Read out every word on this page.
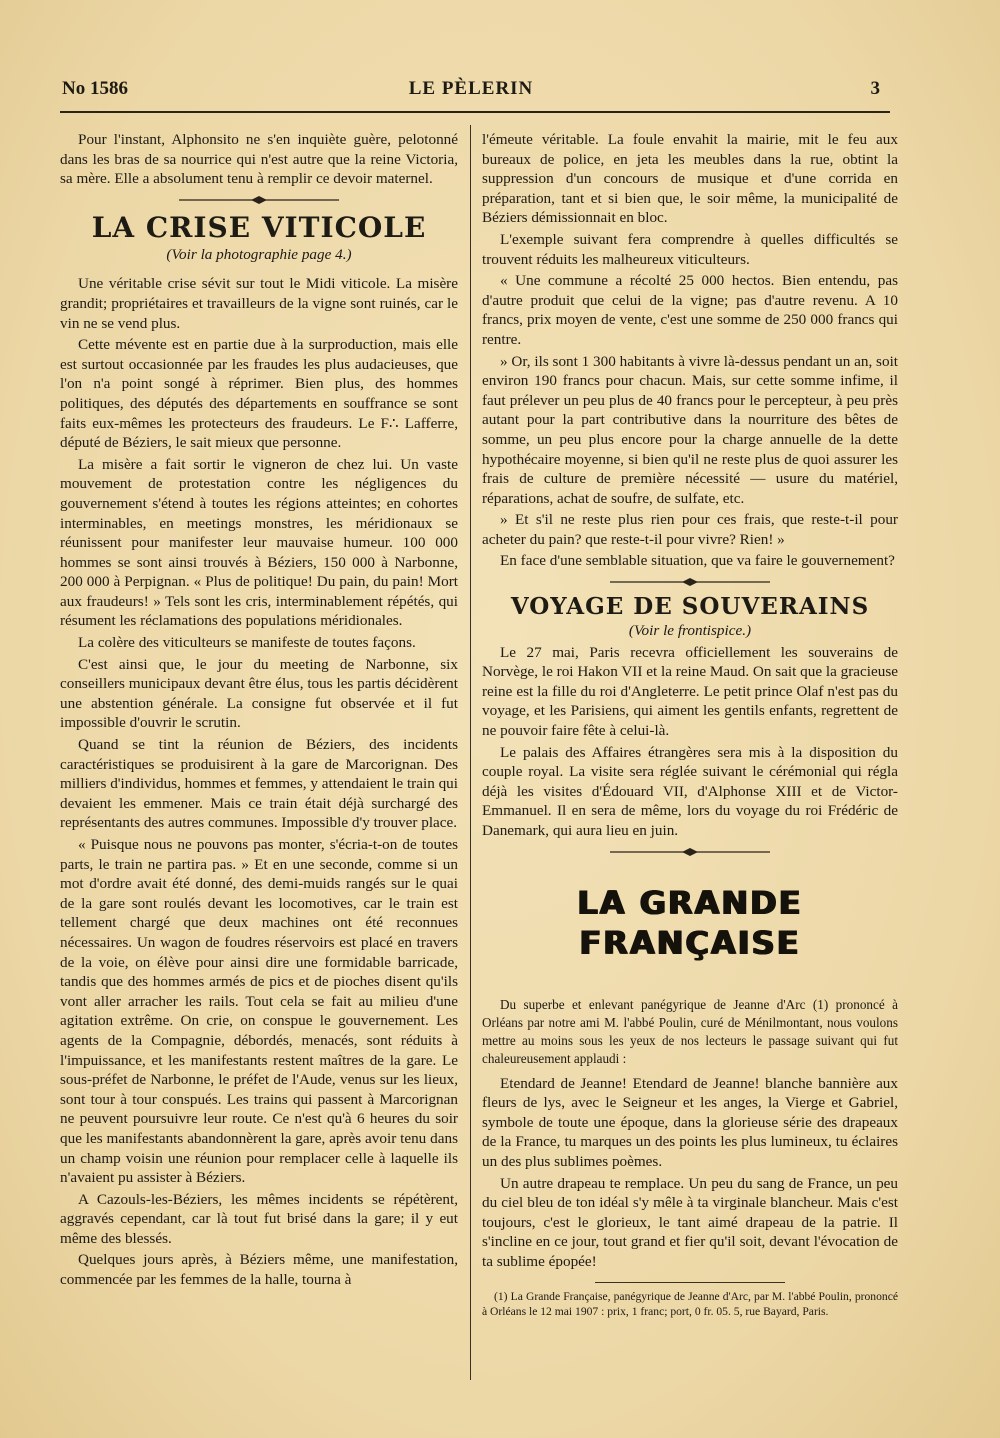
No 1586	LE PÈLERIN	3

Pour l'instant, Alphonsito ne s'en inquiète guère, pelotonné dans les bras de sa nourrice qui n'est autre que la reine Victoria, sa mère. Elle a absolument tenu à remplir ce devoir maternel.

LA CRISE VITICOLE

(Voir la photographie page 4.)

Une véritable crise sévit sur tout le Midi viticole. La misère grandit; propriétaires et travailleurs de la vigne sont ruinés, car le vin ne se vend plus.

Cette mévente est en partie due à la surproduction, mais elle est surtout occasionnée par les fraudes les plus audacieuses, que l'on n'a point songé à réprimer. Bien plus, des hommes politiques, des députés des départements en souffrance se sont faits eux-mêmes les protecteurs des fraudeurs. Le F∴ Lafferre, député de Béziers, le sait mieux que personne.

La misère a fait sortir le vigneron de chez lui. Un vaste mouvement de protestation contre les négligences du gouvernement s'étend à toutes les régions atteintes; en cohortes interminables, en meetings monstres, les méridionaux se réunissent pour manifester leur mauvaise humeur. 100 000 hommes se sont ainsi trouvés à Béziers, 150 000 à Narbonne, 200 000 à Perpignan. « Plus de politique! Du pain, du pain! Mort aux fraudeurs! » Tels sont les cris, interminablement répétés, qui résument les réclamations des populations méridionales.

La colère des viticulteurs se manifeste de toutes façons.

C'est ainsi que, le jour du meeting de Narbonne, six conseillers municipaux devant être élus, tous les partis décidèrent une abstention générale. La consigne fut observée et il fut impossible d'ouvrir le scrutin.

Quand se tint la réunion de Béziers, des incidents caractéristiques se produisirent à la gare de Marcorignan. Des milliers d'individus, hommes et femmes, y attendaient le train qui devaient les emmener. Mais ce train était déjà surchargé des représentants des autres communes. Impossible d'y trouver place.

« Puisque nous ne pouvons pas monter, s'écria-t-on de toutes parts, le train ne partira pas. » Et en une seconde, comme si un mot d'ordre avait été donné, des demi-muids rangés sur le quai de la gare sont roulés devant les locomotives, car le train est tellement chargé que deux machines ont été reconnues nécessaires. Un wagon de foudres réservoirs est placé en travers de la voie, on élève pour ainsi dire une formidable barricade, tandis que des hommes armés de pics et de pioches disent qu'ils vont aller arracher les rails. Tout cela se fait au milieu d'une agitation extrême. On crie, on conspue le gouvernement. Les agents de la Compagnie, débordés, menacés, sont réduits à l'impuissance, et les manifestants restent maîtres de la gare. Le sous-préfet de Narbonne, le préfet de l'Aude, venus sur les lieux, sont tour à tour conspués. Les trains qui passent à Marcorignan ne peuvent poursuivre leur route. Ce n'est qu'à 6 heures du soir que les manifestants abandonnèrent la gare, après avoir tenu dans un champ voisin une réunion pour remplacer celle à laquelle ils n'avaient pu assister à Béziers.

A Cazouls-les-Béziers, les mêmes incidents se répétèrent, aggravés cependant, car là tout fut brisé dans la gare; il y eut même des blessés.

Quelques jours après, à Béziers même, une manifestation, commencée par les femmes de la halle, tourna à

l'émeute véritable. La foule envahit la mairie, mit le feu aux bureaux de police, en jeta les meubles dans la rue, obtint la suppression d'un concours de musique et d'une corrida en préparation, tant et si bien que, le soir même, la municipalité de Béziers démissionnait en bloc.

L'exemple suivant fera comprendre à quelles difficultés se trouvent réduits les malheureux viticulteurs.

« Une commune a récolté 25 000 hectos. Bien entendu, pas d'autre produit que celui de la vigne; pas d'autre revenu. A 10 francs, prix moyen de vente, c'est une somme de 250 000 francs qui rentre.

» Or, ils sont 1 300 habitants à vivre là-dessus pendant un an, soit environ 190 francs pour chacun. Mais, sur cette somme infime, il faut prélever un peu plus de 40 francs pour le percepteur, à peu près autant pour la part contributive dans la nourriture des bêtes de somme, un peu plus encore pour la charge annuelle de la dette hypothécaire moyenne, si bien qu'il ne reste plus de quoi assurer les frais de culture de première nécessité — usure du matériel, réparations, achat de soufre, de sulfate, etc.

» Et s'il ne reste plus rien pour ces frais, que reste-t-il pour acheter du pain? que reste-t-il pour vivre? Rien! »

En face d'une semblable situation, que va faire le gouvernement?

VOYAGE DE SOUVERAINS

(Voir le frontispice.)

Le 27 mai, Paris recevra officiellement les souverains de Norvège, le roi Hakon VII et la reine Maud. On sait que la gracieuse reine est la fille du roi d'Angleterre. Le petit prince Olaf n'est pas du voyage, et les Parisiens, qui aiment les gentils enfants, regrettent de ne pouvoir faire fête à celui-là.

Le palais des Affaires étrangères sera mis à la disposition du couple royal. La visite sera réglée suivant le cérémonial qui régla déjà les visites d'Édouard VII, d'Alphonse XIII et de Victor-Emmanuel. Il en sera de même, lors du voyage du roi Frédéric de Danemark, qui aura lieu en juin.

LA GRANDE FRANÇAISE

Du superbe et enlevant panégyrique de Jeanne d'Arc (1) prononcé à Orléans par notre ami M. l'abbé Poulin, curé de Ménilmontant, nous voulons mettre au moins sous les yeux de nos lecteurs le passage suivant qui fut chaleureusement applaudi :

Etendard de Jeanne! Etendard de Jeanne! blanche bannière aux fleurs de lys, avec le Seigneur et les anges, la Vierge et Gabriel, symbole de toute une époque, dans la glorieuse série des drapeaux de la France, tu marques un des points les plus lumineux, tu éclaires un des plus sublimes poèmes.

Un autre drapeau te remplace. Un peu du sang de France, un peu du ciel bleu de ton idéal s'y mêle à ta virginale blancheur. Mais c'est toujours, c'est le glorieux, le tant aimé drapeau de la patrie. Il s'incline en ce jour, tout grand et fier qu'il soit, devant l'évocation de ta sublime épopée!

(1) La Grande Française, panégyrique de Jeanne d'Arc, par M. l'abbé Poulin, prononcé à Orléans le 12 mai 1907 : prix, 1 franc; port, 0 fr. 05. 5, rue Bayard, Paris.
